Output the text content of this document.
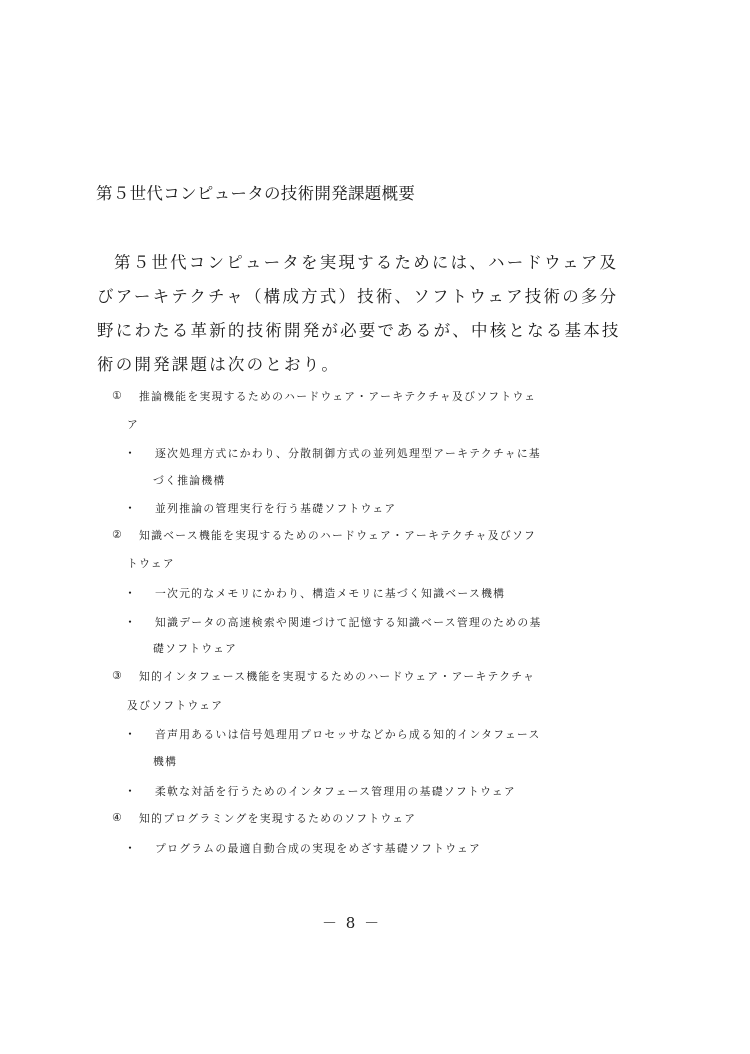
第５世代コンピュータの技術開発課題概要
第５世代コンピュータを実現するためには、ハードウェア及
びアーキテクチャ（構成方式）技術、ソフトウェア技術の多分
野にわたる革新的技術開発が必要であるが、中核となる基本技
術の開発課題は次のとおり。
① 推論機能を実現するためのハードウェア・アーキテクチャ及びソフトウェ
ア
・ 逐次処理方式にかわり、分散制御方式の並列処理型アーキテクチャに基
づく推論機構
・ 並列推論の管理実行を行う基礎ソフトウェア
② 知識ベース機能を実現するためのハードウェア・アーキテクチャ及びソフ
トウェア
・ 一次元的なメモリにかわり、構造メモリに基づく知識ベース機構
・ 知識データの高速検索や関連づけて記憶する知識ベース管理のための基
礎ソフトウェア
③ 知的インタフェース機能を実現するためのハードウェア・アーキテクチャ
及びソフトウェア
・ 音声用あるいは信号処理用プロセッサなどから成る知的インタフェース
機構
・ 柔軟な対話を行うためのインタフェース管理用の基礎ソフトウェア
④ 知的プログラミングを実現するためのソフトウェア
・ プログラムの最適自動合成の実現をめざす基礎ソフトウェア
－ 8 －
